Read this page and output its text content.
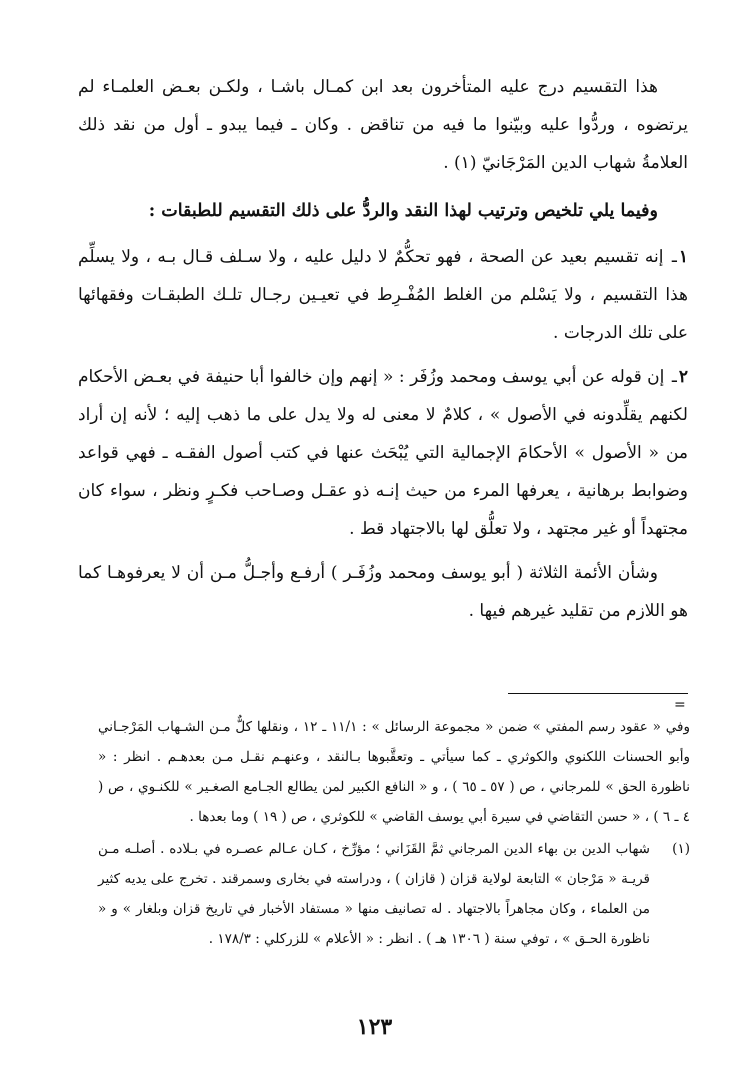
هذا التقسيم درج عليه المتأخرون بعد ابن كمـال باشـا ، ولكـن بعـض العلمـاء لم يرتضوه ، وردُّوا عليه وبيّنوا ما فيه من تناقض . وكان ـ فيما يبدو ـ أول من نقد ذلك العلامةُ شهاب الدين المَرْجَانيّ (١) .

وفيما يلي تلخيص وترتيب لهذا النقد والردُّ على ذلك التقسيم للطبقات :

١ـ إنه تقسيم بعيد عن الصحة ، فهو تحكُّمٌ لا دليل عليه ، ولا سـلف قـال بـه ، ولا يسلِّم هذا التقسيم ، ولا يَسْلم من الغلط المُفْـرِط في تعيـين رجـال تلـك الطبقـات وفقهائها على تلك الدرجات .

٢ـ إن قوله عن أبي يوسف ومحمد وزُفَر : « إنهم وإن خالفوا أبا حنيفة في بعـض الأحكام لكنهم يقلِّدونه في الأصول » ، كلامٌ لا معنى له ولا يدل على ما ذهب إليه ؛ لأنه إن أراد من « الأصول » الأحكامَ الإجمالية التي يُبْحَث عنها في كتب أصول الفقـه ـ فهي قواعد وضوابط برهانية ، يعرفها المرء من حيث إنـه ذو عقـل وصـاحب فكـرٍ ونظر ، سواء كان مجتهداً أو غير مجتهد ، ولا تعلُّق لها بالاجتهاد قط .

وشأن الأئمة الثلاثة ( أبو يوسف ومحمد وزُفَـر ) أرفـع وأجـلُّ مـن أن لا يعرفوهـا كما هو اللازم من تقليد غيرهم فيها .

=

وفي « عقود رسم المفتي » ضمن « مجموعة الرسائل » : ١١/١ ـ ١٢ ، ونقلها كلٌّ مـن الشـهاب المَرْجـاني وأبو الحسنات اللكنوي والكوثري ـ كما سيأتي ـ وتعقَّبوها بـالنقد ، وعنهـم نقـل مـن بعدهـم . انظر : « ناظورة الحق » للمرجاني ، ص ( ٥٧ ـ ٦٥ ) ، و « النافع الكبير لمن يطالع الجـامع الصغـير » للكنـوي ، ص ( ٤ ـ ٦ ) ، « حسن التقاضي في سيرة أبي يوسف القاضي » للكوثري ، ص ( ١٩ ) وما بعدها .

(١)
شهاب الدين بن بهاء الدين المرجاني ثمَّ القَزَاني ؛ مؤرِّخ ، كـان عـالم عصـره في بـلاده . أصلـه مـن قريـة « مَرْجان » التابعة لولاية قزان ( قازان ) ، ودراسته في بخارى وسمرقند . تخرج على يديه كثير من العلماء ، وكان مجاهراً بالاجتهاد . له تصانيف منها « مستفاد الأخبار في تاريخ قزان وبلغار » و « ناظورة الحـق » ، توفي سنة ( ١٣٠٦ هـ ) . انظر : « الأعلام » للزركلي : ١٧٨/٣ .
١٢٣
